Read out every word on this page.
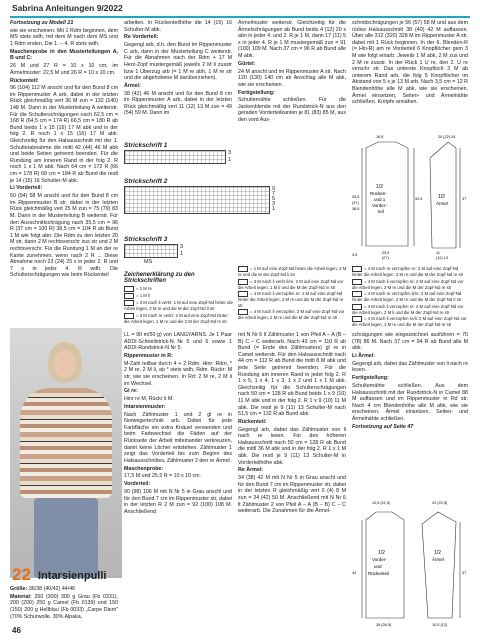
Sabrina Anleitungen 9/2022

Fortsetzung zu Modell 21

wie sie erscheinen. Mit 1 Rdm beginnen, dem MS stets wdh, mit dem M nach dem MS und 1 Rdm enden. Die 1. – 4. R stets wdh.

Maschenprobe in den Musterteilungen A, B und C:

26 M und 27 R = 10 x 10 cm; im Ärmelmuster: 22,5 M und 26 R = 10 x 10 cm.

Rückenteil:

96 (104) 112 M anschl und für den Bund 8 cm im Rippenmuster A arb, dabei in der letzten Rück gleichmäßig vert 36 M zun = 132 (140) 148 M. Dann in der Musterteilung A weiterstr. Für die Schulterschrägungen nach 62,5 cm = 168 R (64,5 cm = 174 R) 66,5 cm = 180 R ab Bund beids 1 x 15 (16) 17 M abk und in der folg 2. R noch 1 x 15 (16) 17 M abk. Gleichzeitig für den Halsausschnitt mit der 1. Schulterabnahme die mittl 42 (44) 46 M abk und beide Seiten getrennt beenden. Für die Rundung am inneren Rand in der folg 2. R noch 1 x 1 M abk. Nach 64 cm = 172 R (66 cm = 178 R) 68 cm = 184 R ab Bund die restl je 14 (15) 16 Schulter-M abk.

Li Vorderteil:

50 (54) 58 M anschl und für den Bund 8 cm im Rippenmuster B str, dabei in der letzten Rück gleichmäßig vert 25 M zun = 75 (79) 83 M. Dann in der Musterteilung B weiterstr. Für den Ausschnittschrägung nach 35,5 cm = 96 R (37 cm = 100 R) 38,5 cm = 104 R ab Bund 1 M wie folgt abn: Die Rdm zu den letzten 20 M str, dann 2 M rechtsverschr zus str und 2 M rechtsverschr. Für die Rundung 1 M an der re Kante zunehmen, wenn nach 2 R ... Diese Abnahme noch 23 (24) 25 x in jeder 2. R und 7 x in jeder 4. R wdh. Die Schulterschrägungen wie beim Rückenteil

arbeiten. In Rückenteilhöhe die 14 (15) 16 Schulter-M abk.

Re Vorderteil:

Gegengl arb, d.h. den Bund im Rippenmuster C arb, dann in der Musterteilung C weiterstr. Für die Abnahmen nach der Rdm + 17 M Herz-Zopf mustergemäß jeweils 2 M li zusstr bzw 1 Überzug arb (= 1 M re abh, 1 M re str und die abgehobene M darüberziehen).

Ärmel:

38 (42) 46 M anschl und für den Bund 8 cm im Rippenmuster A arb, dabei in der letzten Rück gleichmäßig vert 11 (12) 13 M zun = 49 (54) 59 M. Dann im

Ärmelmuster weiterstr. Gleichzeitig für die Ärmelschrägungen ab Bund beids 4 (12) 20 x abn in jeder 4. und 2. R je 1 M, dann 17 (11) 5 x in jeder 4. R je 1 M mustergemäß zun = 91 (100) 109 M. Nach 37 cm = 96 R ab Bund alle M abk.

Gürtel:

24 M anschl und im Rippenmuster A str. Nach 120 (130) 140 cm ab Anschlag alle M abk, wie sie erscheinen.

Fertigstellung:

Schulternähte schließen. Für die Jackenblende mit der Rundstrick-N aus den geraden Vorderteilkanten je 81 (83) 85 M, aus den vord Aus-

schnittschrägungen je 56 (57) 58 M und aus dem rückw Halsausschnitt 38 (40) 42 M auffassen. Über alle 312 (320) 328 M im Rippenmuster A str, dabei mit 1 Rück beginnen. In der 6. Blenden-R (= Hin-R) am re Vorderteil 6 Knopflöcher gem 3 M wie folgt einarb: Jeweils 1 M abk, 2 M zus und 2 M re zusstr. In der Rück 1 U re, den 2. U re verschr str. Das unterste Knopfloch 3 M ab unterem Rand arb, die folg 5 Knopflöcher im Abstand von 5 x je 13 M arb. Nach 3,5 cm = 12 R Blendenhöhe alle M abk, wie sie erscheinen. Ärmel einsetzen, Seiten- und Ärmelnähte schließen. Knöpfe annähen.

Strickschrift 1
3
1
Strickschrift 2
9
7
5
3
1
Strickschrift 3
3
1
MS
Zeichenerklärung zu den Strickschriften

= 1 M re

= 1 M li

= 3 M nach li verkr: 1 M auf eine Zopf-Nd hinter die Arbeit legen, 2 M re und die M der Zopf-Nd li str

= 3 M nach re verkr: 2 M auf eine Zopf-Nd hinter die Arbeit legen, 1 M re und die 2 M der Zopf-Nd re str

= 1 M auf eine Zopf-Nd hinter die Arbeit legen, 2 M re und die M der Zopf-Nd li str

= 3 M nach li verkr li/re: 2 M auf eine Zopf-Nd vor die Arbeit legen, 1 M li und die M der Zopf-Nd re str

= 4 M nach li verzopfen re: 2 M auf eine Zopf-Nd hinter die Arbeit legen, 2 M re und die M der Zopf-Nd re str

= 4 M nach li verzopfen: 2 M auf eine Zopf-Nd vor die Arbeit legen, 2 M re und die M der Zopf-Nd re str

= 4 M nach re verzopfen re: 2 M auf eine Zopf-Nd hinter die Arbeit legen, 2 M re und die M der Zopf-Nd re str

= 4 M nach li verzopfen re: 2 M auf eine Zopf-Nd vor die Arbeit legen, 2 M re und die M der Zopf-Nd re str

= 4 M nach re verzopfen li/re: 2 M auf eine Zopf-Nd hinter die Arbeit legen, 2 M re und die M der Zopf-Nd li str

= 4 M nach li verzopfen re: 2 M auf eine Zopf-Nd vor die Arbeit legen, 2 M li und die M der Zopf-Nd re str

= 4 M nach li verzopfen re/li: 2 M auf eine Zopf-Nd vor die Arbeit legen, 1 M re und die M der Zopf-Nd re str

1/2
Rücken-
und 1
Vorder-
teil
1/2
Ärmel
35,5
(37)
38,5
42,5	37
25,5
(27)
11
(12) 13
16,5	20 (22) 24
3,5
22 Intarsienpulli

Größe: 36/38 (40/42) 44/46

Material: 250 (300) 300 g Grau (Fb 0331), 200 (200) 250 g Camel (Fb 0139) und 150 (150) 200 g Hellblau (Fb 0033) „Carpe Diem" (70% Schurwolle, 30% Alpaka,

46

LL = 90 m/50 g) von LANGYARNS. Je 1 Paar ADDI-Schnellstrick-N Nr 5 und 6 sowie 1 ADDI-Rundstrick-N Nr 5.

Rippenmuster in R:

M-Zahl teilbar durch 4 + 2 Rdm. Hinr: Rdm, * 2 M re, 2 M li, ab * stets wdh, Rdm. Rückr: M str, wie sie erscheinen. In Rd: 2 M re, 2 M li im Wechsel.

Gl re:

Hinr re M, Rückr li M.

Intarsienmuster:

Nach Zählmuster 1 und 2 gl re in Norwegertechnik arb. Dabei für jede Farbfläche ein extra Knäuel verwenden und beim Farbwechsel die Fäden auf der Rückseite der Arbeit miteinander verkreuzen, damit keine Löcher entstehen. Zählmuster 1 zeigt das Vorderteil bis zum Beginn des Halsausschnittes, Zählmuster 2 den re Ärmel.

Maschenprobe:

17,5 M und 25,5 R = 10 x 10 cm.

Vorderteil:

90 (98) 106 M mit N Nr 5 in Grau anschl und für den Bund 7 cm im Rippenmuster str, dabei in der letzten R 2 M zun = 92 (100) 108 M. Anschließend

mit N Nr 6 lt Zählmuster 1 von Pfeil A – A (B – B) C – C weiterarb. Nach 43 cm = 110 R ab Bund (= Ende des Zählmusters) gl re in Camel weiterstr. Für den Halsausschnitt nach 44 cm = 112 R ab Bund die mittl 8 M abk und jede Seite getrennt beenden. Für die Rundung am inneren Rand in jeder folg 2. R 1 x 5, 1 x 4, 1 x 3, 1 x 2 und 1 x 1 M abk. Gleichzeitig für die Schulterschrägungen nach 50 cm = 128 R ab Bund beids 1 x 9 (10) 11 M abk und in der folg 2. R 1 x 9 (10) 11 M abk. Die restl je 9 (11) 13 Schulter-M nach 51,5 cm = 132 R ab Bund abk.

Rückenteil:

Gegengl arb, dabei das Zählmuster von li nach re lesen. Für den höheren Halsausschnitt nach 50 cm = 128 R ab Bund die mittl 36 M abk und in der folg 2. R 1 x 1 M abk. Die restl je 9 (11) 13 Schulter-M in Vorderteilhöhe abk.

Re Ärmel:

34 (38) 42 M mit N Nr 5 in Grau anschl und für den Bund 7 cm im Rippenmuster str, dabei in der letzten R gleichmäßig vert 0 (4) 8 M zun = 34 (42) 50 M. Anschließend mit N Nr 6 lt Zählmuster 2 von Pfeil A – A (B – B) C – C weiterarb. Die Zunahmen für die Ärmel-

schrägungen wie eingezeichnet ausführen = 70 (78) 86 M. Nach 37 cm = 94 R ab Bund alle M abk.

Li Ärmel:

Gegengl arb, dabei das Zählmuster von li nach re lesen.

Fertigstellung:

Schulternähte schließen. Aus dem Halsausschnitt mit der Rundstrick-N in Camel 88 M auffassen und im Rippenmuster in Rd str. Nach 4 cm Blendenhöhe alle M abk, wie sie erscheinen. Ärmel einsetzen, Seiten- und Ärmelnähte schließen.

Fortsetzung auf Seite 47

1/2
Vorder-
und
Rückenteil
1/2
Ärmel
44	37
26 (28,5)	10,5 (12)
10,5 (11,5)	20 (22,5)
